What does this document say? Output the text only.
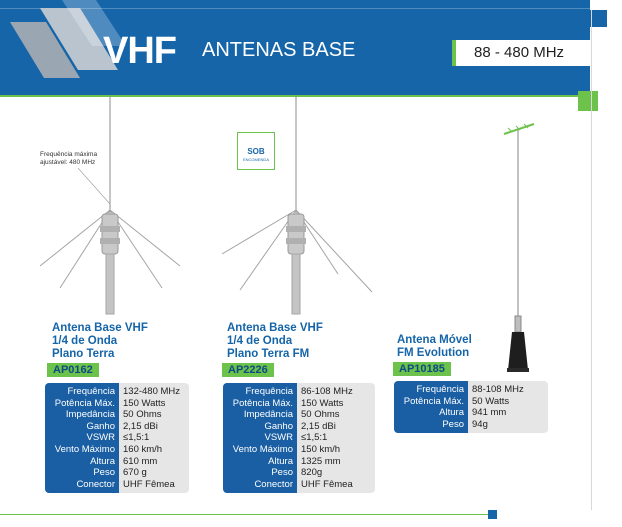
VHF ANTENAS BASE	88 - 480 MHz
Frequência máxima
ajustável: 480 MHz
SOB
ENCOMENDA
Antena Base VHF
1/4 de Onda
Plano Terra
AP0162
Frequência
Potência Máx.
Impedância
Ganho
VSWR
Vento Máximo
Altura
Peso
Conector
132-480 MHz
150 Watts
50 Ohms
2,15 dBi
≤1,5:1
160 km/h
610 mm
670 g
UHF Fêmea
Antena Base VHF
1/4 de Onda
Plano Terra FM
AP2226
Frequência
Potência Máx.
Impedância
Ganho
VSWR
Vento Máximo
Altura
Peso
Conector
86-108 MHz
150 Watts
50 Ohms
2,15 dBi
≤1,5:1
150 km/h
1325 mm
820g
UHF Fêmea
Antena Móvel
FM Evolution
AP10185
Frequência
Potência Máx.
Altura
Peso
88-108 MHz
50 Watts
941 mm
94g
